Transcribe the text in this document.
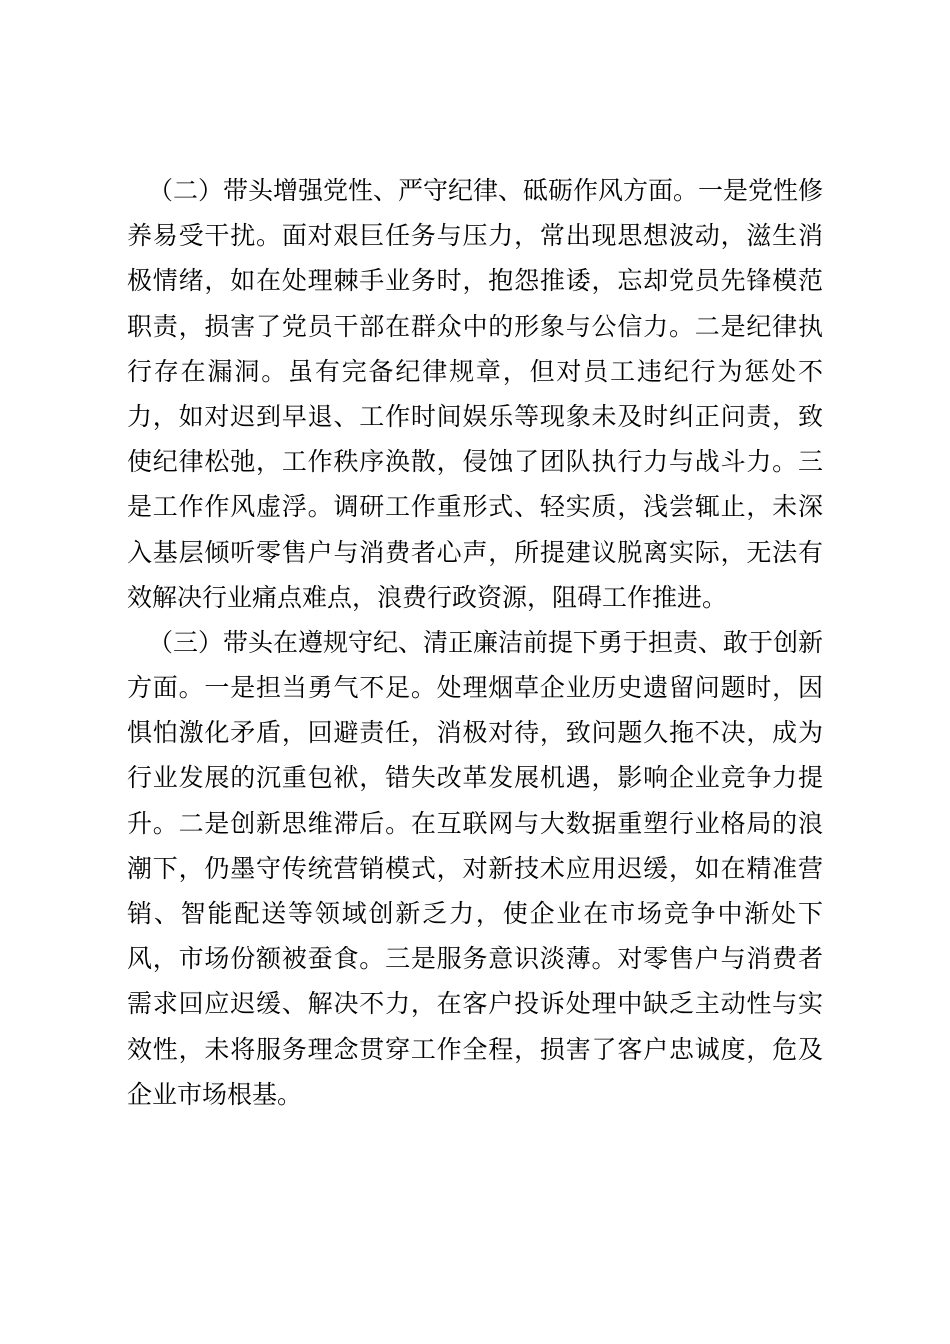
（二）带头增强党性、严守纪律、砥砺作风方面。一是党性修
养易受干扰。面对艰巨任务与压力，常出现思想波动，滋生消
极情绪，如在处理棘手业务时，抱怨推诿，忘却党员先锋模范
职责，损害了党员干部在群众中的形象与公信力。二是纪律执
行存在漏洞。虽有完备纪律规章，但对员工违纪行为惩处不
力，如对迟到早退、工作时间娱乐等现象未及时纠正问责，致
使纪律松弛，工作秩序涣散，侵蚀了团队执行力与战斗力。三
是工作作风虚浮。调研工作重形式、轻实质，浅尝辄止，未深
入基层倾听零售户与消费者心声，所提建议脱离实际，无法有
效解决行业痛点难点，浪费行政资源，阻碍工作推进。
（三）带头在遵规守纪、清正廉洁前提下勇于担责、敢于创新
方面。一是担当勇气不足。处理烟草企业历史遗留问题时，因
惧怕激化矛盾，回避责任，消极对待，致问题久拖不决，成为
行业发展的沉重包袱，错失改革发展机遇，影响企业竞争力提
升。二是创新思维滞后。在互联网与大数据重塑行业格局的浪
潮下，仍墨守传统营销模式，对新技术应用迟缓，如在精准营
销、智能配送等领域创新乏力，使企业在市场竞争中渐处下
风，市场份额被蚕食。三是服务意识淡薄。对零售户与消费者
需求回应迟缓、解决不力，在客户投诉处理中缺乏主动性与实
效性，未将服务理念贯穿工作全程，损害了客户忠诚度，危及
企业市场根基。
